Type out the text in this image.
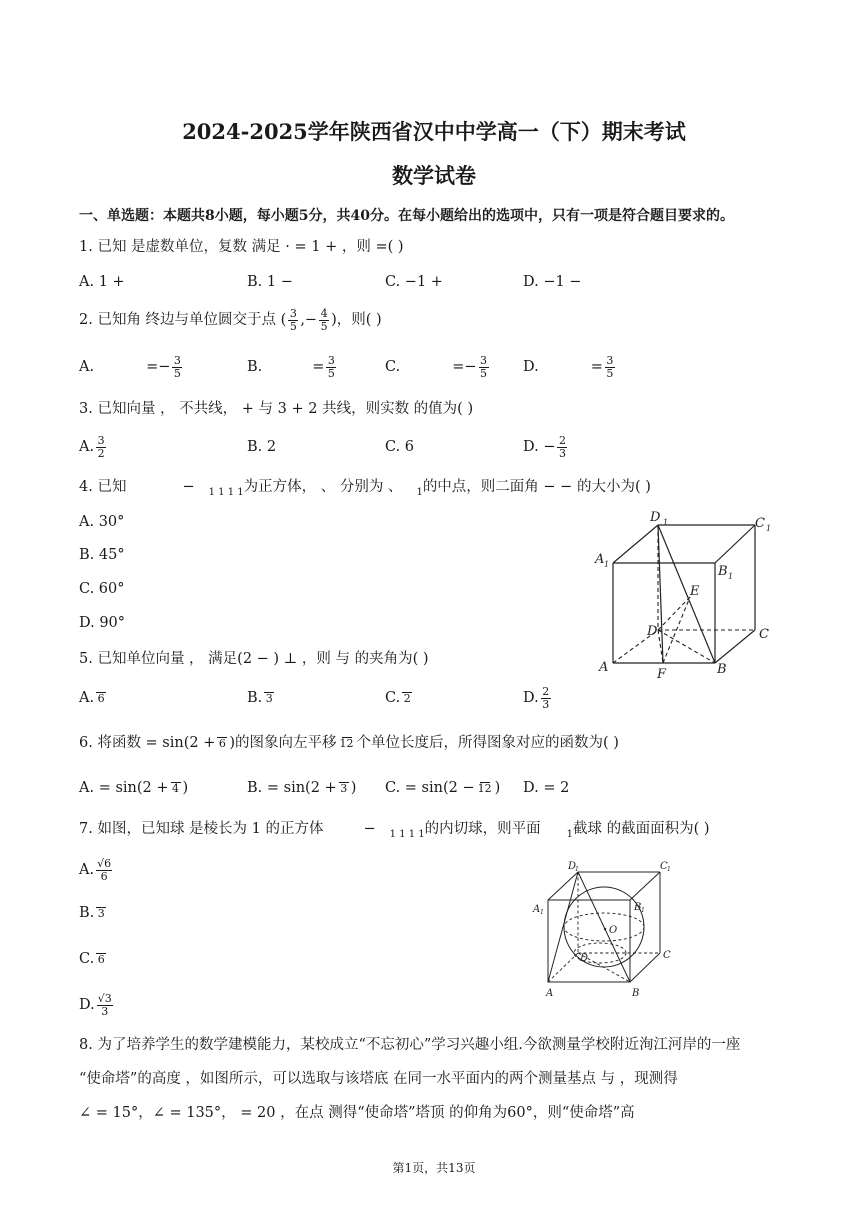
2024-2025学年陕西省汉中中学高一（下）期末考试
数学试卷
一、单选题：本题共8小题，每小题5分，共40分。在每小题给出的选项中，只有一项是符合题目要求的。
1. 已知 是虚数单位，复数 满足 · = 1 + ，则 =( )
A. 1 +	B. 1 −	C. −1 +	D. −1 −
2. 已知角 终边与单位圆交于点 ( $\frac{3}{5}$ ,− $\frac{4}{5}$ )，则( )
A.	=− $\frac{3}{5}$	B.	= $\frac{3}{5}$	C.	=− $\frac{3}{5} D$.	= $\frac{3}{5}$
3. 已知向量 ， 不共线， + 与 3 + 2 共线，则实数 的值为( )
A. $\frac{3}{2}$	B. 2	C. 6	D. − $\frac{2}{3}$
4. 已知	− $_{1 1 1 1}$为正方体， 、 分别为 、 $_1$的中点，则二面角 − − 的大小为( )
A. 30°
B. 45°
C. 60°
D. 90°
D 1	C 1
A 1	B 1
E
D	C
A	F	B
5. 已知单位向量 ， 满足(2 − ) ⊥ ，则 与 的夹角为( )
A. 6	B. 3	C. 2	D. $\frac{2}{3}$
6. 将函数 = sin(2 + 6 )的图象向左平移 12 个单位长度后，所得图象对应的函数为( )
A. = sin(2 + 4 )	B. = sin(2 + 3 ) C. = sin(2 − 12 ) D. = 2
7. 如图，已知球 是棱长为 1 的正方体	− $_{1 1 1 1}$的内切球，则平面	$_1$截球 的截面面积为( )
A. $\frac{√6}{6}$
B. 3
C. 6
D. $\frac{√3}{3}$
D
1	C 1
A 1	B 1
O
D	C
A	B
8. 为了培养学生的数学建模能力，某校成立“不忘初心”学习兴趣小组.今欲测量学校附近洵江河岸的一座
“使命塔”的高度 ，如图所示，可以选取与该塔底 在同一水平面内的两个测量基点 与 ，现测得
∠ = 15°，∠ = 135°， = 20 ，在点 测得“使命塔”塔顶 的仰角为60°，则“使命塔”高
第1页，共13页
